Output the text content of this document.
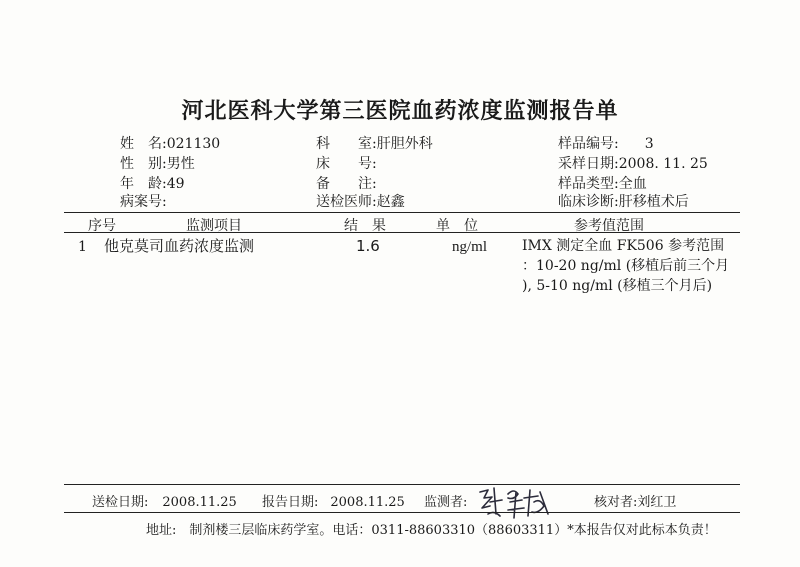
河北医科大学第三医院血药浓度监测报告单
姓　名:021130
性　别:男性
年　龄:49
病案号:
科　　室:肝胆外科
床　　号:
备　　注:
送检医师:赵鑫
样品编号: 3
采样日期:2008. 11. 25
样品类型:全血
临床诊断:肝移植术后
序号	监测项目	结　果	单　位	参考值范围
1 他克莫司血药浓度监测	1.6	ng/ml IMX 测定全血 FK506 参考范围
：10-20 ng/ml (移植后前三个月
), 5-10 ng/ml (移植三个月后)
送检日期: 2008.11.25 报告日期: 2008.11.25 监测者:	核对者:刘红卫
地址:　制剂楼三层临床药学室。电话：0311-88603310（88603311）*本报告仅对此标本负责！
